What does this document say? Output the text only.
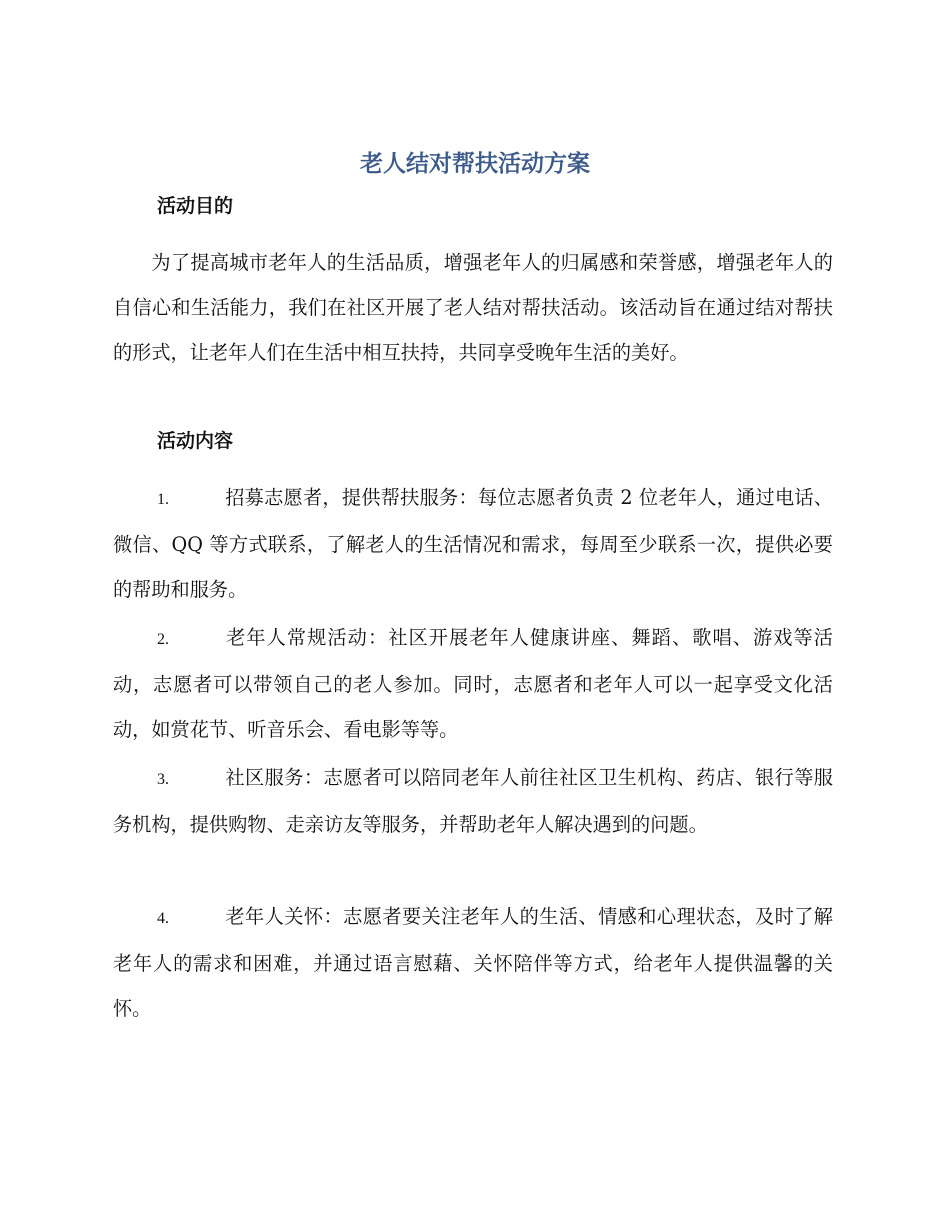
老人结对帮扶活动方案
活动目的

为了提高城市老年人的生活品质，增强老年人的归属感和荣誉感，增强老年人的自信心和生活能力，我们在社区开展了老人结对帮扶活动。该活动旨在通过结对帮扶的形式，让老年人们在生活中相互扶持，共同享受晚年生活的美好。

活动内容

1.	招募志愿者，提供帮扶服务：每位志愿者负责 2 位老年人，通过电话、微信、QQ 等方式联系，了解老人的生活情况和需求，每周至少联系一次，提供必要的帮助和服务。

2.	老年人常规活动：社区开展老年人健康讲座、舞蹈、歌唱、游戏等活动，志愿者可以带领自己的老人参加。同时，志愿者和老年人可以一起享受文化活动，如赏花节、听音乐会、看电影等等。

3.	社区服务：志愿者可以陪同老年人前往社区卫生机构、药店、银行等服务机构，提供购物、走亲访友等服务，并帮助老年人解决遇到的问题。

4.	老年人关怀：志愿者要关注老年人的生活、情感和心理状态，及时了解老年人的需求和困难，并通过语言慰藉、关怀陪伴等方式，给老年人提供温馨的关怀。
